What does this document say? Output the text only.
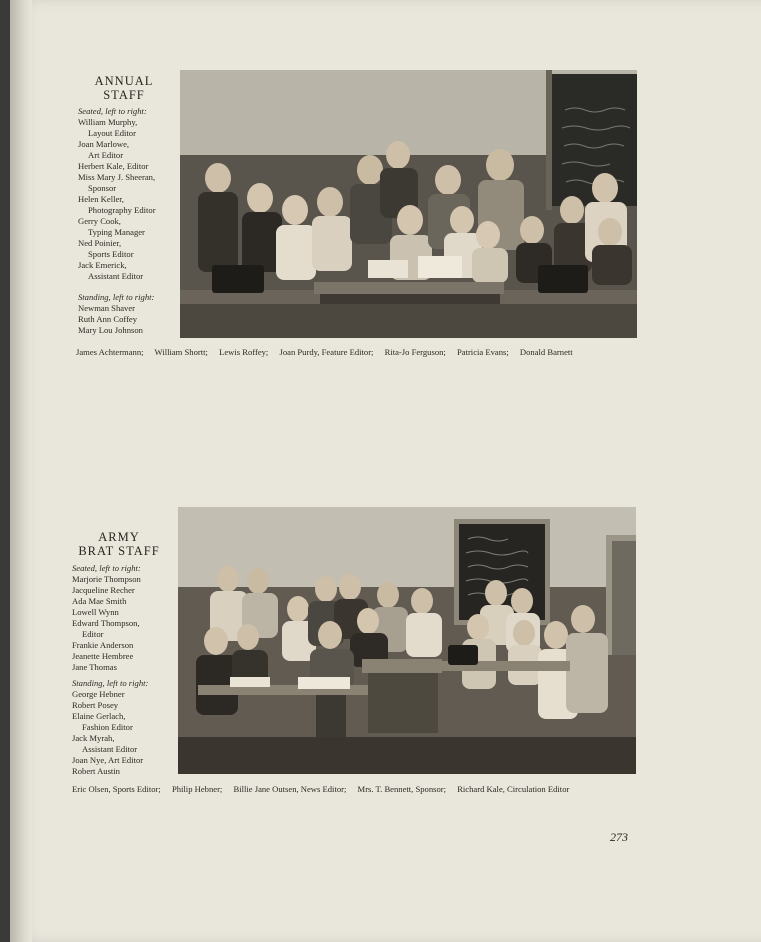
ANNUAL
STAFF
Seated, left to right:
William Murphy,
Layout Editor
Joan Marlowe,
Art Editor
Herbert Kale, Editor
Miss Mary J. Sheeran,
Sponsor
Helen Keller,
Photography Editor
Gerry Cook,
Typing Manager
Ned Poinier,
Sports Editor
Jack Emerick,
Assistant Editor
Standing, left to right:
Newman Shaver
Ruth Ann Coffey
Mary Lou Johnson
James Achtermann; William Shortt; Lewis Roffey; Joan Purdy, Feature Editor; Rita-Jo Ferguson; Patricia Evans; Donald Barnett
ARMY
BRAT STAFF
Seated, left to right:
Marjorie Thompson
Jacqueline Recher
Ada Mae Smith
Lowell Wynn
Edward Thompson,
Editor
Frankie Anderson
Jeanette Hembree
Jane Thomas
Standing, left to right:
George Hebner
Robert Posey
Elaine Gerlach,
Fashion Editor
Jack Myrah,
Assistant Editor
Joan Nye, Art Editor
Robert Austin
Eric Olsen, Sports Editor; Philip Hebner; Billie Jane Outsen, News Editor; Mrs. T. Bennett, Sponsor; Richard Kale, Circulation Editor
273
